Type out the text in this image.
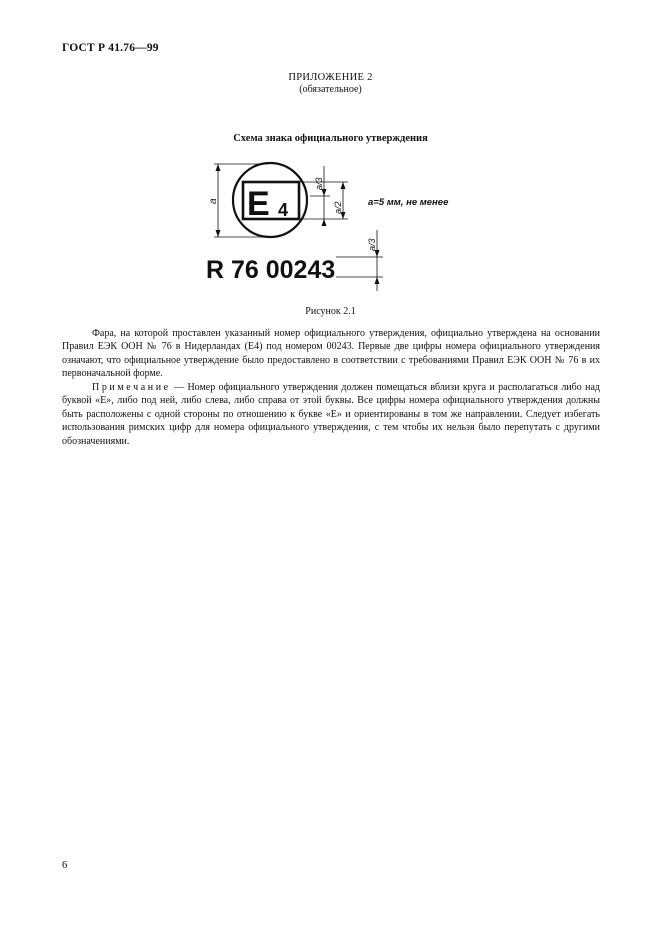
ГОСТ Р 41.76—99
ПРИЛОЖЕНИЕ 2
(обязательное)
Схема знака официального утверждения
E 4
a
a/3
a/2	a=5 мм, не менее
R 76 00243
a/3
Рисунок 2.1

Фара, на которой проставлен указанный номер официального утверждения, официально утверждена на основании Правил ЕЭК ООН № 76 в Нидерландах (E4) под номером 00243. Первые две цифры номера официального утверждения означают, что официальное утверждение было предоставлено в соответствии с требованиями Правил ЕЭК ООН № 76 в их первоначальной форме.

Примечание — Номер официального утверждения должен помещаться вблизи круга и располагаться либо над буквой «E», либо под ней, либо слева, либо справа от этой буквы. Все цифры номера официального утверждения должны быть расположены с одной стороны по отношению к букве «E» и ориентированы в том же направлении. Следует избегать использования римских цифр для номера официального утверждения, с тем чтобы их нельзя было перепутать с другими обозначениями.

6
